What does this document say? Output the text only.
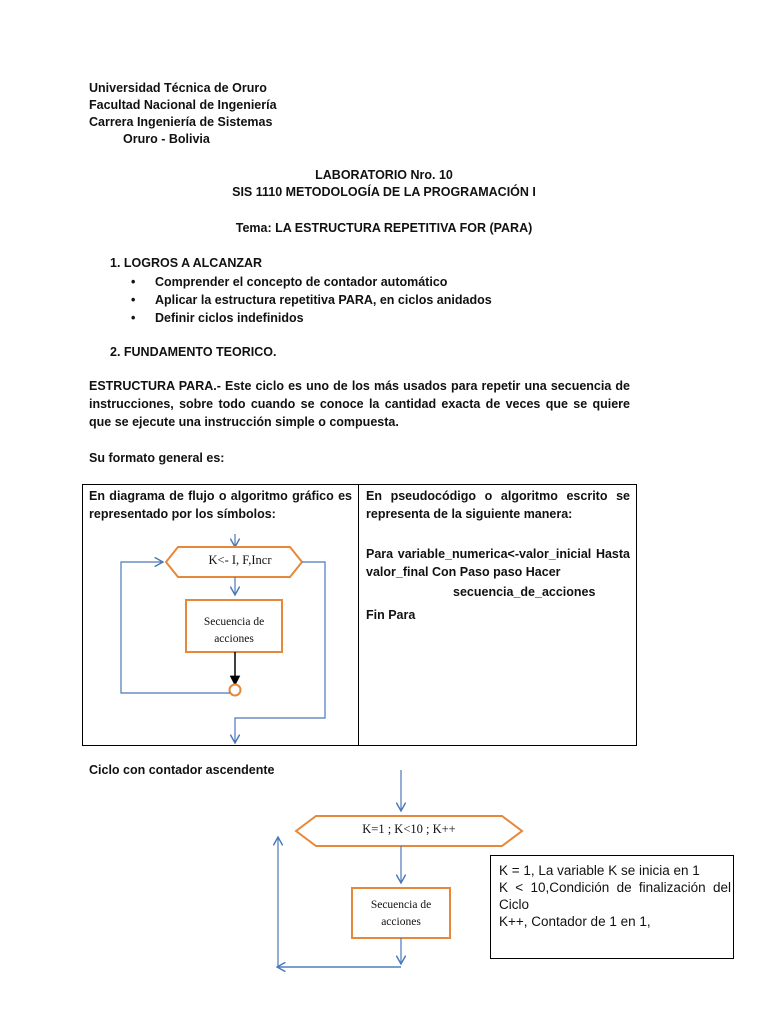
Universidad Técnica de Oruro
Facultad Nacional de Ingeniería
Carrera Ingeniería de Sistemas
Oruro - Bolivia
LABORATORIO Nro. 10
SIS 1110 METODOLOGÍA DE LA PROGRAMACIÓN I
Tema: LA ESTRUCTURA REPETITIVA FOR (PARA)
1. LOGROS A ALCANZAR
• Comprender el concepto de contador automático
• Aplicar la estructura repetitiva PARA, en ciclos anidados
• Definir ciclos indefinidos
2. FUNDAMENTO TEORICO.
ESTRUCTURA PARA.- Este ciclo es uno de los más usados para repetir una secuencia de instrucciones, sobre todo cuando se conoce la cantidad exacta de veces que se quiere que se ejecute una instrucción simple o compuesta.
Su formato general es:
En diagrama de flujo o algoritmo gráfico es representado por los símbolos:
En pseudocódigo o algoritmo escrito se representa de la siguiente manera:
Para variable_numerica<-valor_inicial Hasta valor_final Con Paso paso Hacer
secuencia_de_acciones
Fin Para
K<- I, F,Incr
Secuencia de
acciones
Ciclo con contador ascendente
K=1 ; K<10 ; K++
Secuencia de
acciones
K = 1, La variable K se inicia en 1
K < 10,Condición de finalización del Ciclo
K++, Contador de 1 en 1,
